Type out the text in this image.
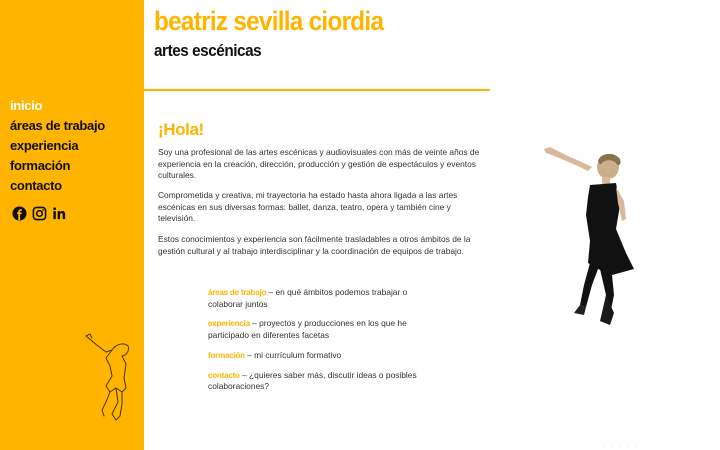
inicio
áreas de trabajo
experiencia
formación
contacto
beatriz sevilla ciordia
artes escénicas
¡Hola!

Soy una profesional de las artes escénicas y audiovisuales con más de veinte años de experiencia en la creación, dirección, producción y gestión de espectáculos y eventos culturales.

Comprometida y creativa, mi trayectoria ha estado hasta ahora ligada a las artes escénicas en sus diversas formas: ballet, danza, teatro, opera y también cine y televisión.

Estos conocimientos y experiencia son fácilmente trasladables a otros ámbitos de la gestión cultural y al trabajo interdisciplinar y la coordinación de equipos de trabajo.

áreas de trabajo – en qué ámbitos podemos trabajar o colaborar juntos
experiencia – proyectos y producciones en los que he participado en diferentes facetas
formación – mi currículum formativo
contacto – ¿quieres saber más, discutir ideas o posibles colaboraciones?
· · · · · · · ·
